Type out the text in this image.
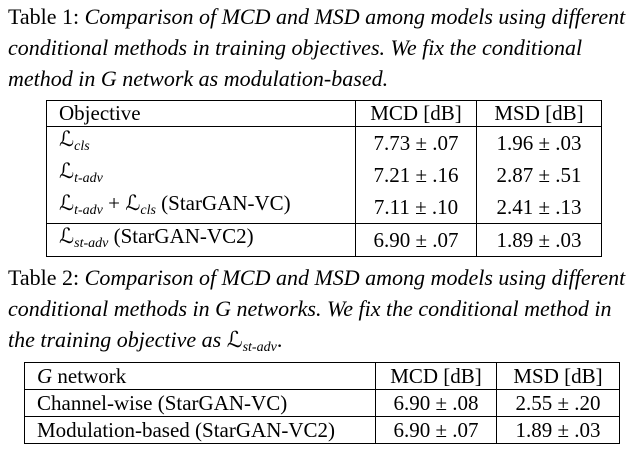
Table 1: Comparison of MCD and MSD among models using different conditional methods in training objectives. We fix the conditional method in G network as modulation-based.
Objective	MCD [dB]	MSD [dB]
ℒ$_{cls}$	7.73 ± .07	1.96 ± .03
ℒ$_{t-adv}$	7.21 ± .16	2.87 ± .51
ℒ$_{t-adv}$ + ℒ$_{cls}$ (StarGAN-VC)	7.11 ± .10	2.41 ± .13
ℒ$_{st-adv}$ (StarGAN-VC2)	6.90 ± .07	1.89 ± .03
Table 2: Comparison of MCD and MSD among models using different conditional methods in G networks. We fix the conditional method in the training objective as ℒ$_{st-adv}$.
G network	MCD [dB]	MSD [dB]
Channel-wise (StarGAN-VC)	6.90 ± .08	2.55 ± .20
Modulation-based (StarGAN-VC2)	6.90 ± .07	1.89 ± .03
